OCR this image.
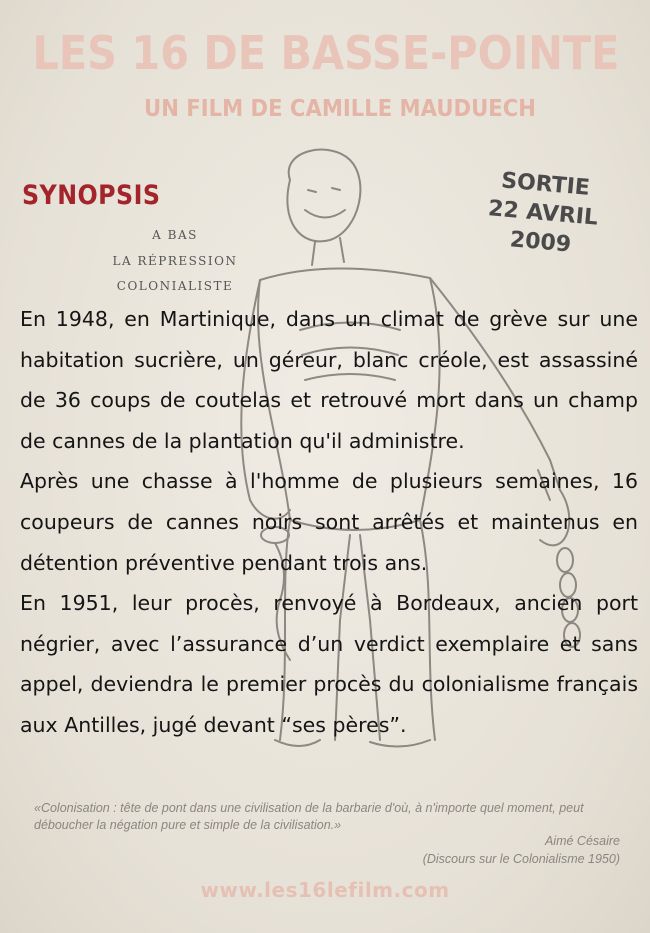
LES 16 DE BASSE-POINTE
UN FILM DE CAMILLE MAUDUECH
SYNOPSIS
A BAS
LA RÉPRESSION
COLONIALISTE
SORTIE
22 AVRIL
2009

En 1948, en Martinique, dans un climat de grève sur une habitation sucrière, un géreur, blanc créole, est assassiné de 36 coups de coutelas et retrouvé mort dans un champ de cannes de la plantation qu'il administre.

Après une chasse à l'homme de plusieurs semaines, 16 coupeurs de cannes noirs sont arrêtés et maintenus en détention préventive pendant trois ans.

En 1951, leur procès, renvoyé à Bordeaux, ancien port négrier, avec l’assurance d’un verdict exemplaire et sans appel, deviendra le premier procès du colonialisme français aux Antilles, jugé devant “ses pères”.

«Colonisation : tête de pont dans une civilisation de la barbarie d'où, à n'importe quel moment, peut déboucher la négation pure et simple de la civilisation.»
Aimé Césaire
(Discours sur le Colonialisme 1950)
www.les16lefilm.com
